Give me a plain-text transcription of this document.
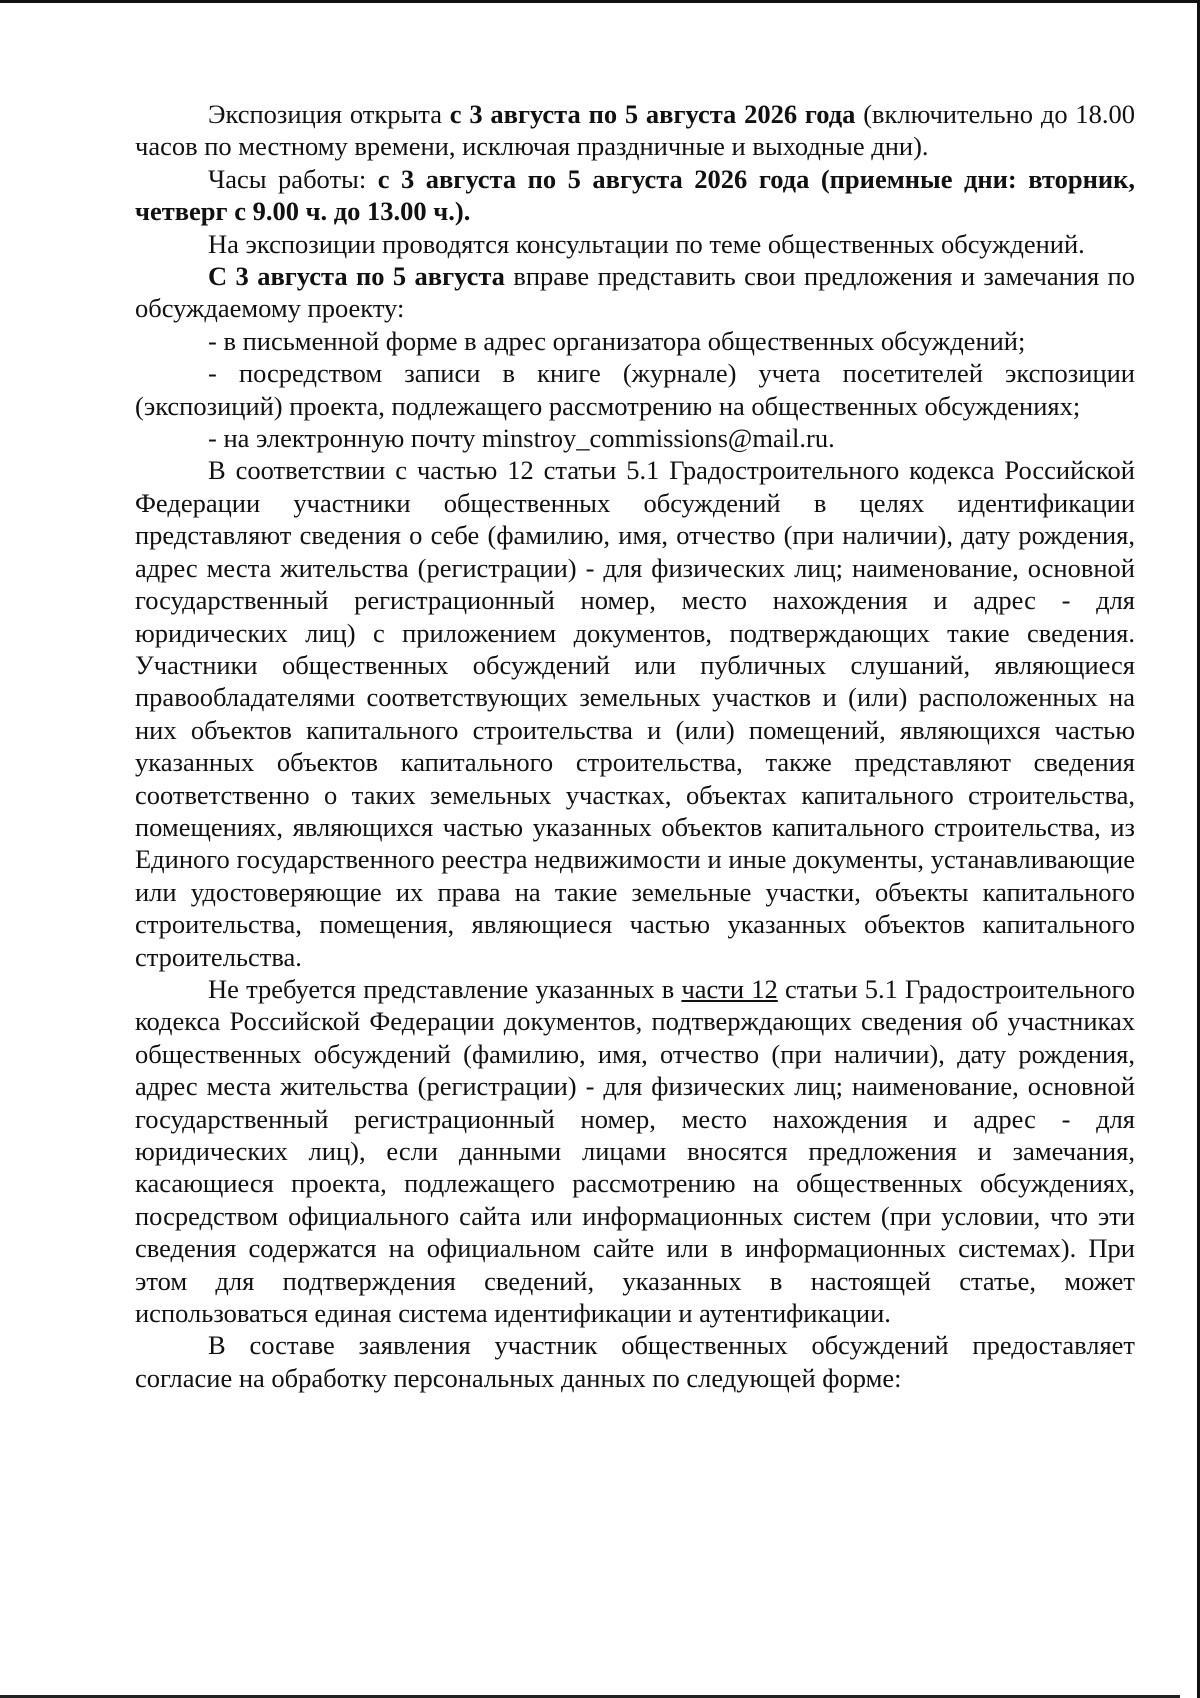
Экспозиция открыта с 3 августа по 5 августа 2026 года (включительно до 18.00 часов по местному времени, исключая праздничные и выходные дни).

Часы работы: с 3 августа по 5 августа 2026 года (приемные дни: вторник, четверг с 9.00 ч. до 13.00 ч.).

На экспозиции проводятся консультации по теме общественных обсуждений.

С 3 августа по 5 августа вправе представить свои предложения и замечания по обсуждаемому проекту:

- в письменной форме в адрес организатора общественных обсуждений;

- посредством записи в книге (журнале) учета посетителей экспозиции (экспозиций) проекта, подлежащего рассмотрению на общественных обсуждениях;

- на электронную почту minstroy_commissions@mail.ru.

В соответствии с частью 12 статьи 5.1 Градостроительного кодекса Российской Федерации участники общественных обсуждений в целях идентификации представляют сведения о себе (фамилию, имя, отчество (при наличии), дату рождения, адрес места жительства (регистрации) - для физических лиц; наименование, основной государственный регистрационный номер, место нахождения и адрес - для юридических лиц) с приложением документов, подтверждающих такие сведения. Участники общественных обсуждений или публичных слушаний, являющиеся правообладателями соответствующих земельных участков и (или) расположенных на них объектов капитального строительства и (или) помещений, являющихся частью указанных объектов капитального строительства, также представляют сведения соответственно о таких земельных участках, объектах капитального строительства, помещениях, являющихся частью указанных объектов капитального строительства, из Единого государственного реестра недвижимости и иные документы, устанавливающие или удостоверяющие их права на такие земельные участки, объекты капитального строительства, помещения, являющиеся частью указанных объектов капитального строительства.

Не требуется представление указанных в части 12 статьи 5.1 Градостроительного кодекса Российской Федерации документов, подтверждающих сведения об участниках общественных обсуждений (фамилию, имя, отчество (при наличии), дату рождения, адрес места жительства (регистрации) - для физических лиц; наименование, основной государственный регистрационный номер, место нахождения и адрес - для юридических лиц), если данными лицами вносятся предложения и замечания, касающиеся проекта, подлежащего рассмотрению на общественных обсуждениях, посредством официального сайта или информационных систем (при условии, что эти сведения содержатся на официальном сайте или в информационных системах). При этом для подтверждения сведений, указанных в настоящей статье, может использоваться единая система идентификации и аутентификации.

В составе заявления участник общественных обсуждений предоставляет согласие на обработку персональных данных по следующей форме:
